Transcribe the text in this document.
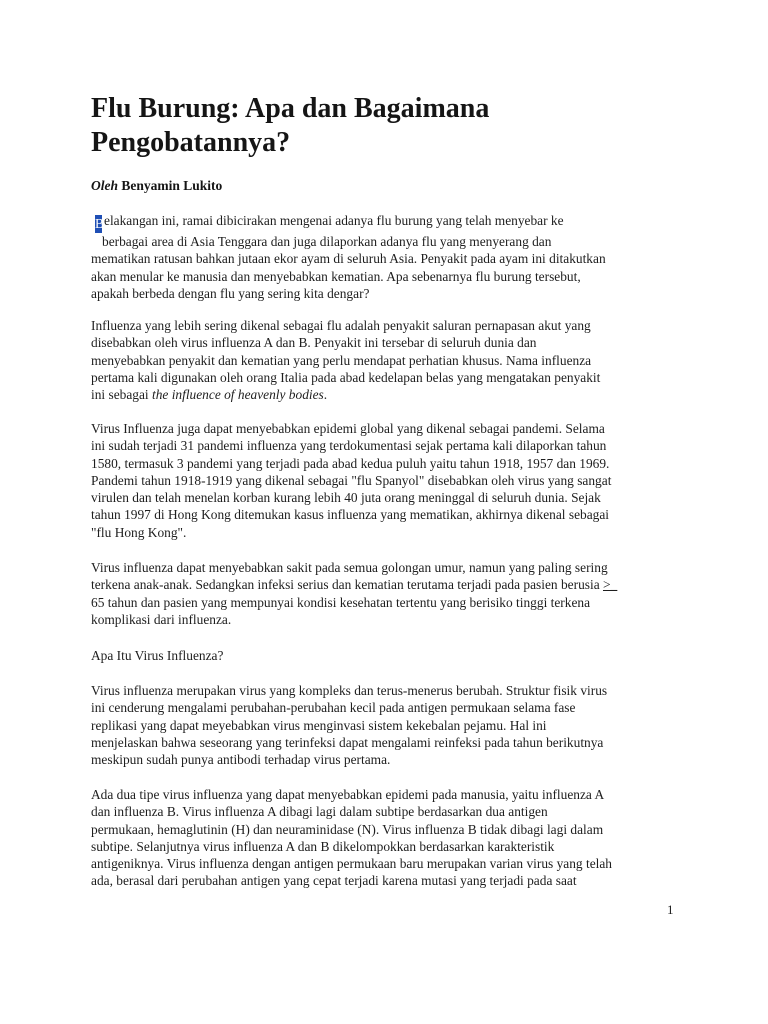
Flu Burung: Apa dan Bagaimana Pengobatannya?
Oleh Benyamin Lukito
Belakangan ini, ramai dibicirakan mengenai adanya flu burung yang telah menyebar ke
berbagai area di Asia Tenggara dan juga dilaporkan adanya flu yang menyerang dan
mematikan ratusan bahkan jutaan ekor ayam di seluruh Asia. Penyakit pada ayam ini ditakutkan
akan menular ke manusia dan menyebabkan kematian. Apa sebenarnya flu burung tersebut,
apakah berbeda dengan flu yang sering kita dengar?
Influenza yang lebih sering dikenal sebagai flu adalah penyakit saluran pernapasan akut yang
disebabkan oleh virus influenza A dan B. Penyakit ini tersebar di seluruh dunia dan
menyebabkan penyakit dan kematian yang perlu mendapat perhatian khusus. Nama influenza
pertama kali digunakan oleh orang Italia pada abad kedelapan belas yang mengatakan penyakit
ini sebagai the influence of heavenly bodies.
Virus Influenza juga dapat menyebabkan epidemi global yang dikenal sebagai pandemi. Selama
ini sudah terjadi 31 pandemi influenza yang terdokumentasi sejak pertama kali dilaporkan tahun
1580, termasuk 3 pandemi yang terjadi pada abad kedua puluh yaitu tahun 1918, 1957 dan 1969.
Pandemi tahun 1918-1919 yang dikenal sebagai "flu Spanyol" disebabkan oleh virus yang sangat
virulen dan telah menelan korban kurang lebih 40 juta orang meninggal di seluruh dunia. Sejak
tahun 1997 di Hong Kong ditemukan kasus influenza yang mematikan, akhirnya dikenal sebagai
"flu Hong Kong".
Virus influenza dapat menyebabkan sakit pada semua golongan umur, namun yang paling sering
terkena anak-anak. Sedangkan infeksi serius dan kematian terutama terjadi pada pasien berusia >_
65 tahun dan pasien yang mempunyai kondisi kesehatan tertentu yang berisiko tinggi terkena
komplikasi dari influenza.
Apa Itu Virus Influenza?
Virus influenza merupakan virus yang kompleks dan terus-menerus berubah. Struktur fisik virus
ini cenderung mengalami perubahan-perubahan kecil pada antigen permukaan selama fase
replikasi yang dapat meyebabkan virus menginvasi sistem kekebalan pejamu. Hal ini
menjelaskan bahwa seseorang yang terinfeksi dapat mengalami reinfeksi pada tahun berikutnya
meskipun sudah punya antibodi terhadap virus pertama.
Ada dua tipe virus influenza yang dapat menyebabkan epidemi pada manusia, yaitu influenza A
dan influenza B. Virus influenza A dibagi lagi dalam subtipe berdasarkan dua antigen
permukaan, hemaglutinin (H) dan neuraminidase (N). Virus influenza B tidak dibagi lagi dalam
subtipe. Selanjutnya virus influenza A dan B dikelompokkan berdasarkan karakteristik
antigeniknya. Virus influenza dengan antigen permukaan baru merupakan varian virus yang telah
ada, berasal dari perubahan antigen yang cepat terjadi karena mutasi yang terjadi pada saat
1
